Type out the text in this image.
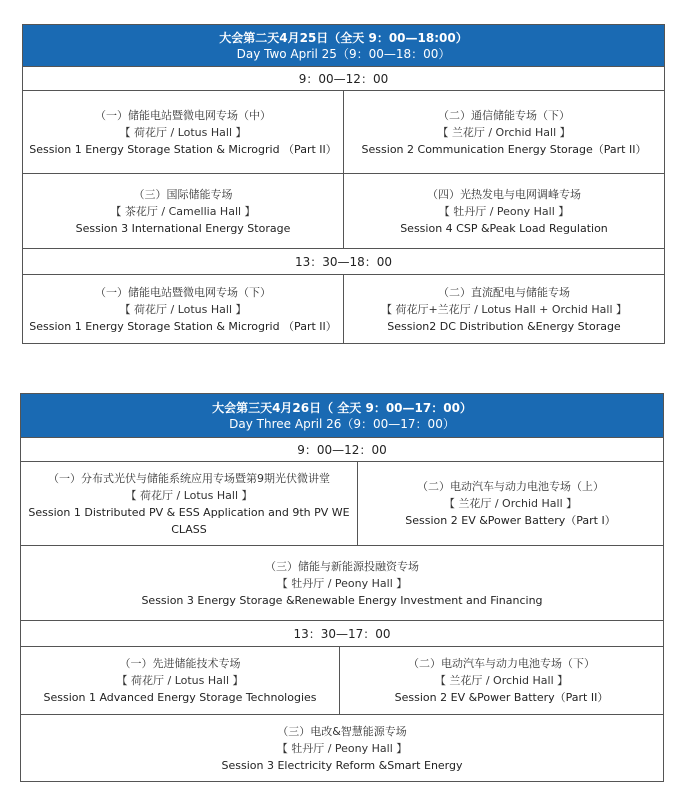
大会第二天4月25日（全天 9：00—18:00）
Day Two April 25（9：00—18：00）
9：00—12：00
（一）储能电站暨微电网专场（中）
【 荷花厅 / Lotus Hall 】
Session 1 Energy Storage Station & Microgrid （Part II）
（二）通信储能专场（下）
【 兰花厅 / Orchid Hall 】
Session 2 Communication Energy Storage（Part II）
（三）国际储能专场
【 茶花厅 / Camellia Hall 】
Session 3 International Energy Storage
（四）光热发电与电网调峰专场
【 牡丹厅 / Peony Hall 】
Session 4 CSP &Peak Load Regulation
13：30—18：00
（一）储能电站暨微电网专场（下）
【 荷花厅 / Lotus Hall 】
Session 1 Energy Storage Station & Microgrid （Part II）
（二）直流配电与储能专场
【 荷花厅+兰花厅 / Lotus Hall + Orchid Hall 】
Session2 DC Distribution &Energy Storage
大会第三天4月26日（ 全天 9：00—17：00）
Day Three April 26（9：00—17：00）
9：00—12：00
（一）分布式光伏与储能系统应用专场暨第9期光伏微讲堂
【 荷花厅 / Lotus Hall 】
Session 1 Distributed PV & ESS Application and 9th PV WE CLASS
（二）电动汽车与动力电池专场（上）
【 兰花厅 / Orchid Hall 】
Session 2 EV &Power Battery（Part I）
（三）储能与新能源投融资专场
【 牡丹厅 / Peony Hall 】
Session 3 Energy Storage &Renewable Energy Investment and Financing
13：30—17：00
（一）先进储能技术专场
【 荷花厅 / Lotus Hall 】
Session 1 Advanced Energy Storage Technologies
（二）电动汽车与动力电池专场（下）
【 兰花厅 / Orchid Hall 】
Session 2 EV &Power Battery（Part II）
（三）电改&智慧能源专场
【 牡丹厅 / Peony Hall 】
Session 3 Electricity Reform &Smart Energy
